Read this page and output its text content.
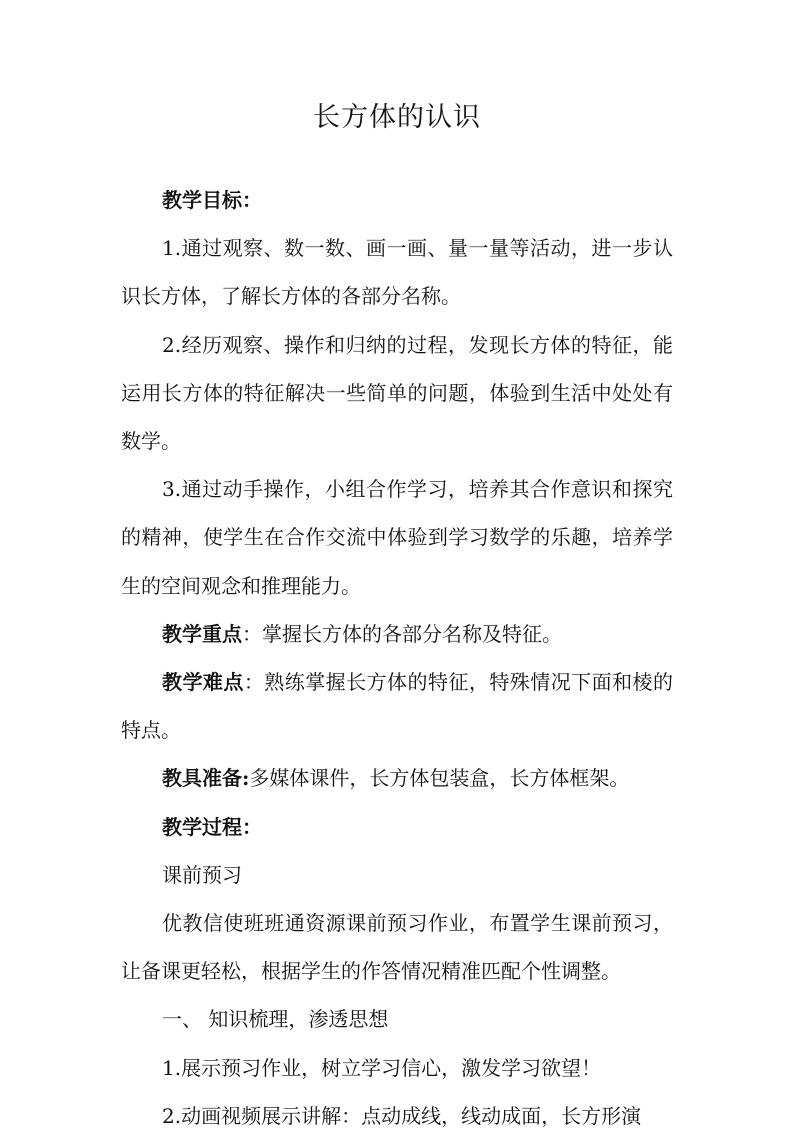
长方体的认识

教学目标：

1.通过观察、数一数、画一画、量一量等活动，进一步认识长方体，了解长方体的各部分名称。

2.经历观察、操作和归纳的过程，发现长方体的特征，能运用长方体的特征解决一些简单的问题，体验到生活中处处有数学。

3.通过动手操作，小组合作学习，培养其合作意识和探究的精神，使学生在合作交流中体验到学习数学的乐趣，培养学生的空间观念和推理能力。

教学重点：掌握长方体的各部分名称及特征。

教学难点：熟练掌握长方体的特征，特殊情况下面和棱的特点。

教具准备:多媒体课件，长方体包装盒，长方体框架。

教学过程：

课前预习

优教信使班班通资源课前预习作业，布置学生课前预习，让备课更轻松，根据学生的作答情况精准匹配个性调整。

一、 知识梳理，渗透思想

1.展示预习作业，树立学习信心，激发学习欲望！

2.动画视频展示讲解：点动成线，线动成面，长方形演
